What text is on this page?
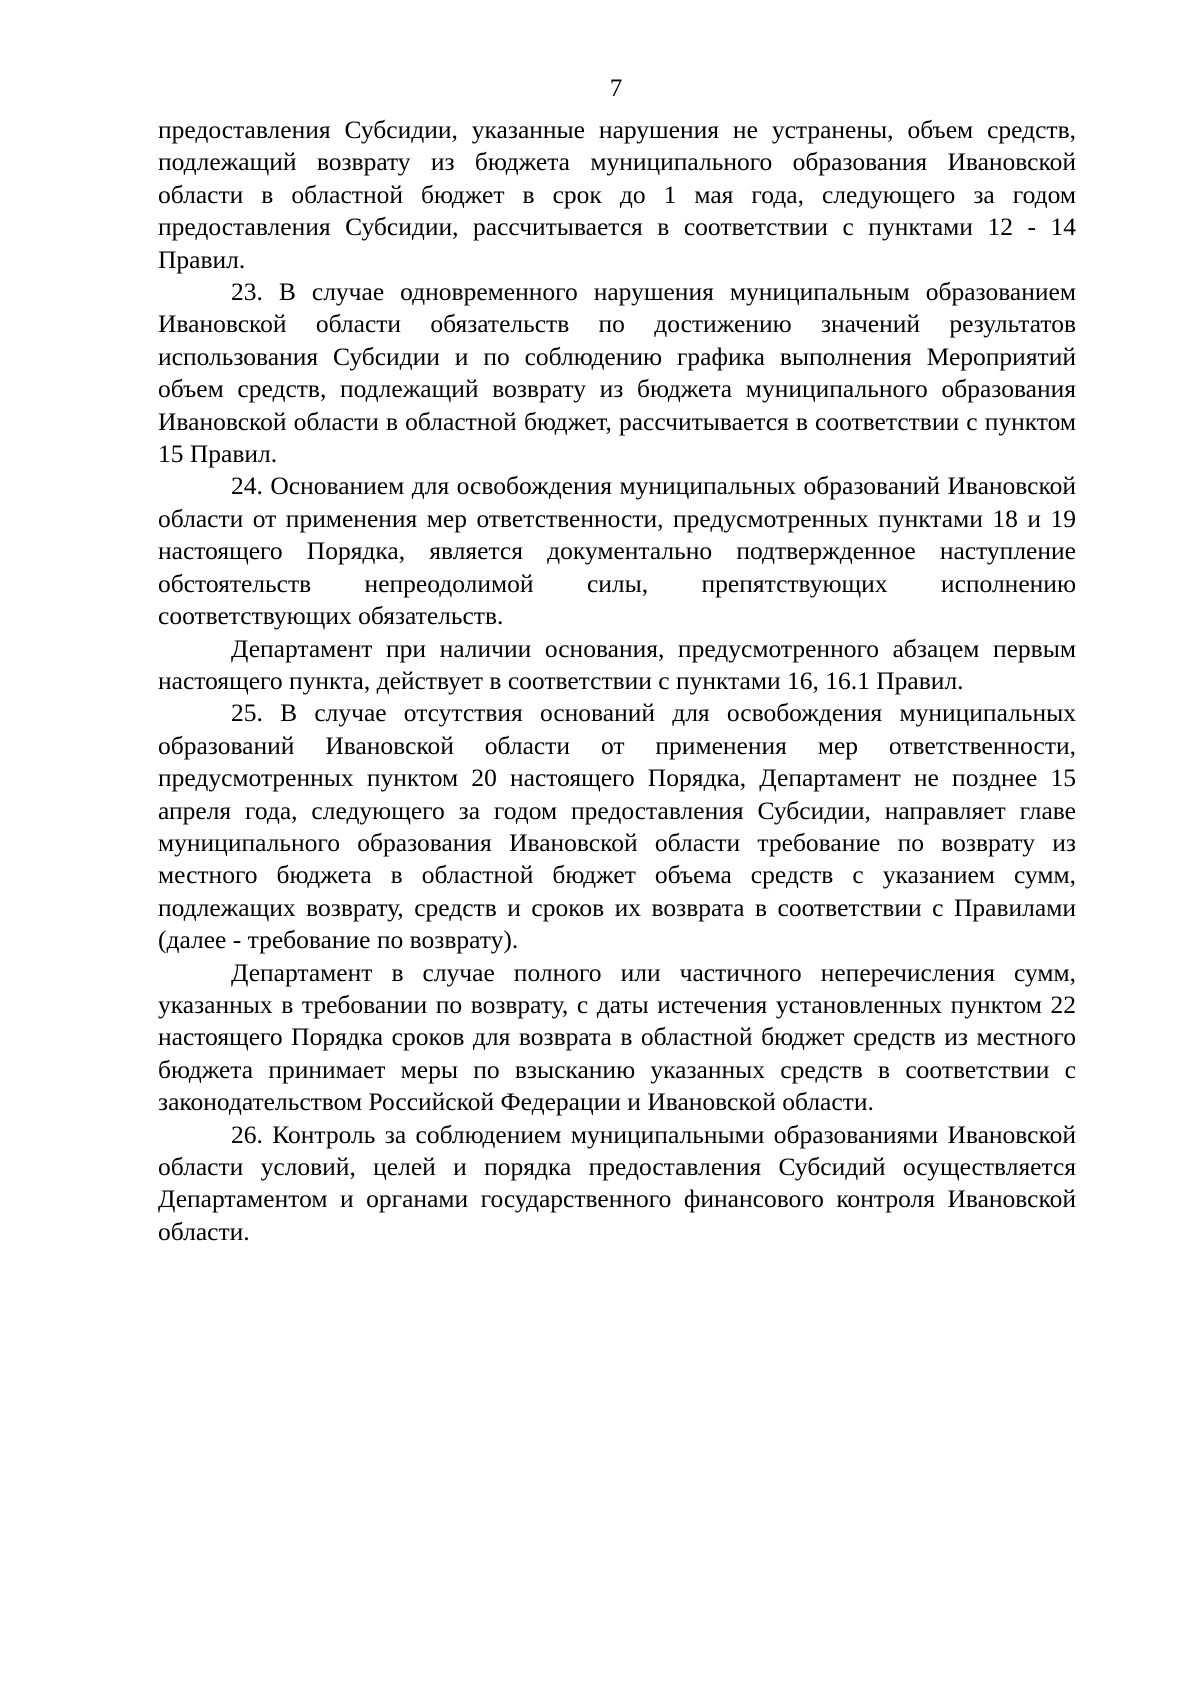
7

предоставления Субсидии, указанные нарушения не устранены, объем средств, подлежащий возврату из бюджета муниципального образования Ивановской области в областной бюджет в срок до 1 мая года, следующего за годом предоставления Субсидии, рассчитывается в соответствии с пунктами 12 - 14 Правил.

23. В случае одновременного нарушения муниципальным образованием Ивановской области обязательств по достижению значений результатов использования Субсидии и по соблюдению графика выполнения Мероприятий объем средств, подлежащий возврату из бюджета муниципального образования Ивановской области в областной бюджет, рассчитывается в соответствии с пунктом 15 Правил.

24. Основанием для освобождения муниципальных образований Ивановской области от применения мер ответственности, предусмотренных пунктами 18 и 19 настоящего Порядка, является документально подтвержденное наступление обстоятельств непреодолимой силы, препятствующих исполнению соответствующих обязательств.

Департамент при наличии основания, предусмотренного абзацем первым настоящего пункта, действует в соответствии с пунктами 16, 16.1 Правил.

25. В случае отсутствия оснований для освобождения муниципальных образований Ивановской области от применения мер ответственности, предусмотренных пунктом 20 настоящего Порядка, Департамент не позднее 15 апреля года, следующего за годом предоставления Субсидии, направляет главе муниципального образования Ивановской области требование по возврату из местного бюджета в областной бюджет объема средств с указанием сумм, подлежащих возврату, средств и сроков их возврата в соответствии с Правилами (далее - требование по возврату).

Департамент в случае полного или частичного неперечисления сумм, указанных в требовании по возврату, с даты истечения установленных пунктом 22 настоящего Порядка сроков для возврата в областной бюджет средств из местного бюджета принимает меры по взысканию указанных средств в соответствии с законодательством Российской Федерации и Ивановской области.

26. Контроль за соблюдением муниципальными образованиями Ивановской области условий, целей и порядка предоставления Субсидий осуществляется Департаментом и органами государственного финансового контроля Ивановской области.
